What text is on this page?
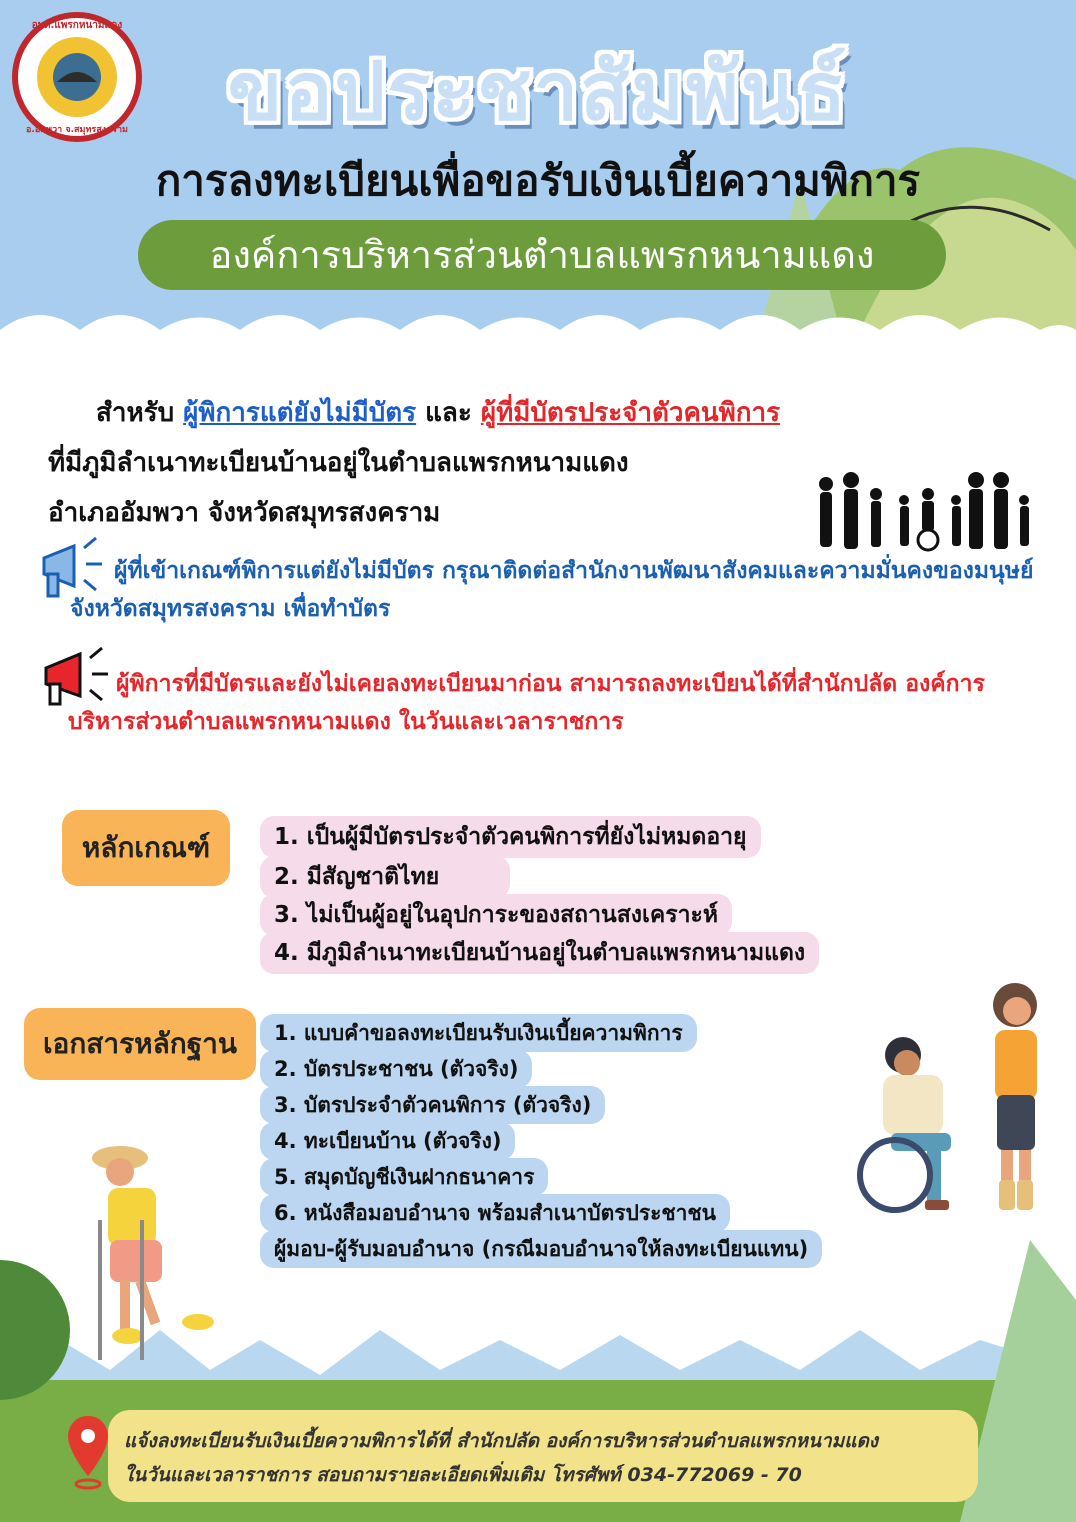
อบต.แพรกหนามแดง
อ.อัมพวา จ.สมุทรสงคราม	ขอประชาสัมพันธ์
การลงทะเบียนเพื่อขอรับเงินเบี้ยความพิการ
องค์การบริหารส่วนตำบลแพรกหนามแดง
สำหรับ ผู้พิการแต่ยังไม่มีบัตร และ ผู้ที่มีบัตรประจำตัวคนพิการ
ที่มีภูมิลำเนาทะเบียนบ้านอยู่ในตำบลแพรกหนามแดง
อำเภออัมพวา จังหวัดสมุทรสงคราม
ผู้ที่เข้าเกณฑ์พิการแต่ยังไม่มีบัตร กรุณาติดต่อสำนักงานพัฒนาสังคมและความมั่นคงของมนุษย์จังหวัดสมุทรสงคราม เพื่อทำบัตร
ผู้พิการที่มีบัตรและยังไม่เคยลงทะเบียนมาก่อน สามารถลงทะเบียนได้ที่สำนักปลัด องค์การบริหารส่วนตำบลแพรกหนามแดง ในวันและเวลาราชการ
หลักเกณฑ์	1. เป็นผู้มีบัตรประจำตัวคนพิการที่ยังไม่หมดอายุ
2. มีสัญชาติไทย
3. ไม่เป็นผู้อยู่ในอุปการะของสถานสงเคราะห์
4. มีภูมิลำเนาทะเบียนบ้านอยู่ในตำบลแพรกหนามแดง
เอกสารหลักฐาน	1. แบบคำขอลงทะเบียนรับเงินเบี้ยความพิการ
2. บัตรประชาชน (ตัวจริง)
3. บัตรประจำตัวคนพิการ (ตัวจริง)
4. ทะเบียนบ้าน (ตัวจริง)
5. สมุดบัญชีเงินฝากธนาคาร
6. หนังสือมอบอำนาจ พร้อมสำเนาบัตรประชาชน
ผู้มอบ-ผู้รับมอบอำนาจ (กรณีมอบอำนาจให้ลงทะเบียนแทน)
แจ้งลงทะเบียนรับเงินเบี้ยความพิการได้ที่ สำนักปลัด องค์การบริหารส่วนตำบลแพรกหนามแดง
ในวันและเวลาราชการ สอบถามรายละเอียดเพิ่มเติม โทรศัพท์ 034-772069 - 70
